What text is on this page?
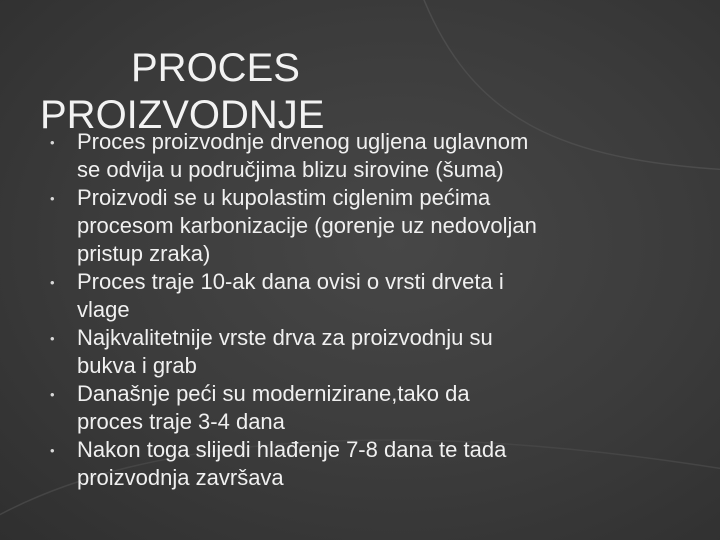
PROCES
PROIZVODNJE
• Proces proizvodnje drvenog ugljena uglavnom
se odvija u područjima blizu sirovine (šuma)
• Proizvodi se u kupolastim ciglenim pećima
procesom karbonizacije (gorenje uz nedovoljan
pristup zraka)
• Proces traje 10-ak dana ovisi o vrsti drveta i
vlage
• Najkvalitetnije vrste drva za proizvodnju su
bukva i grab
• Današnje peći su modernizirane,tako da
proces traje 3-4 dana
• Nakon toga slijedi hlađenje 7-8 dana te tada
proizvodnja završava
